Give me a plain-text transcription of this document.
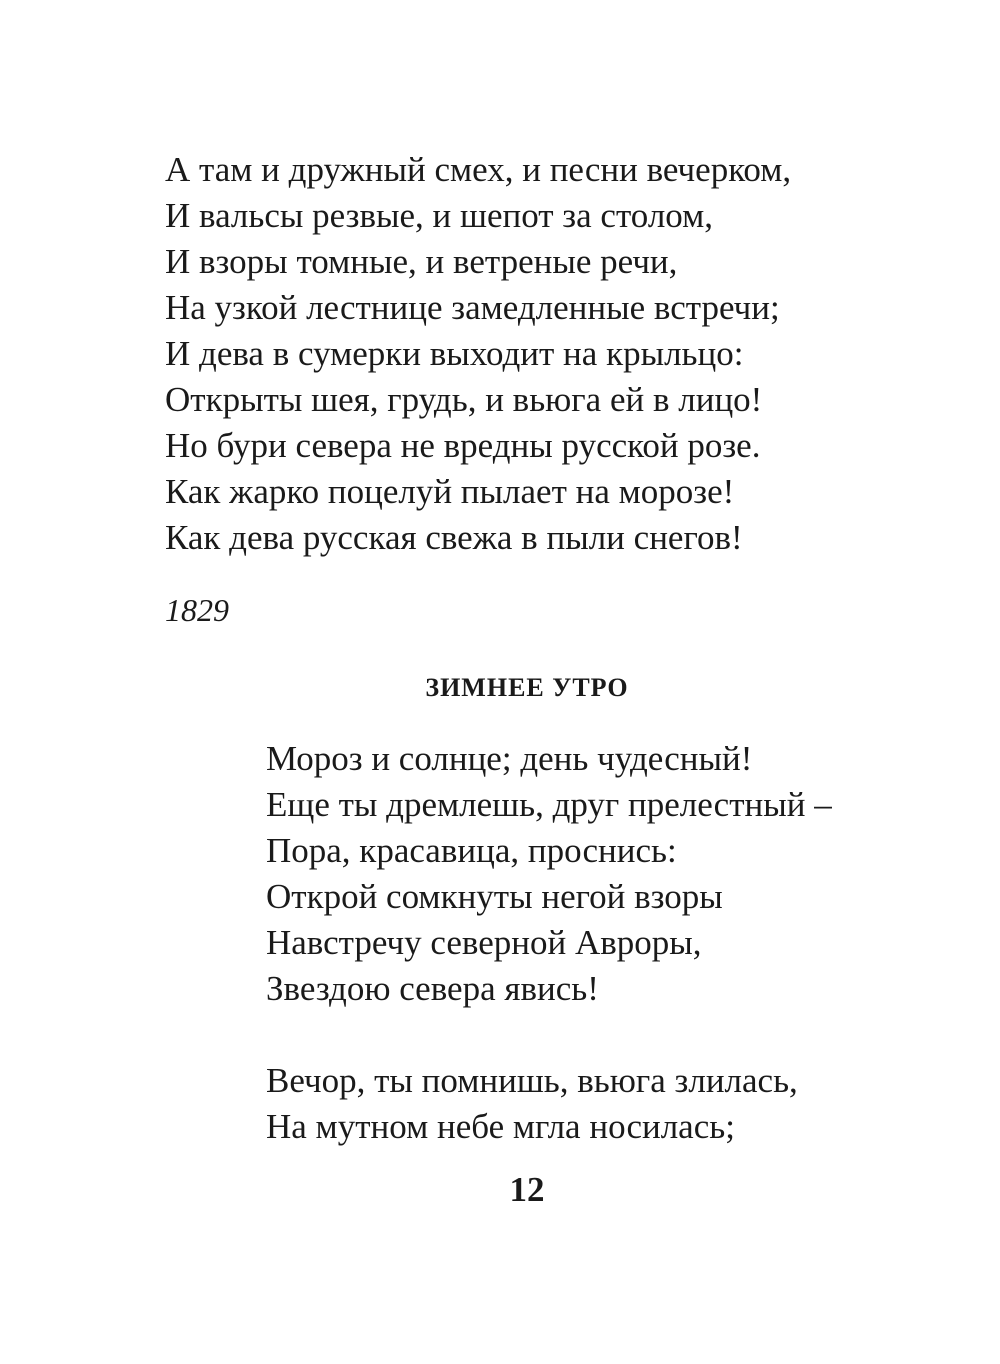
А там и дружный смех, и песни вечерком,
И вальсы резвые, и шепот за столом,
И взоры томные, и ветреные речи,
На узкой лестнице замедленные встречи;
И дева в сумерки выходит на крыльцо:
Открыты шея, грудь, и вьюга ей в лицо!
Но бури севера не вредны русской розе.
Как жарко поцелуй пылает на морозе!
Как дева русская свежа в пыли снегов!
1829
ЗИМНЕЕ УТРО
Мороз и солнце; день чудесный!
Еще ты дремлешь, друг прелестный –
Пора, красавица, проснись:
Открой сомкнуты негой взоры
Навстречу северной Авроры,
Звездою севера явись!
Вечор, ты помнишь, вьюга злилась,
На мутном небе мгла носилась;
12
